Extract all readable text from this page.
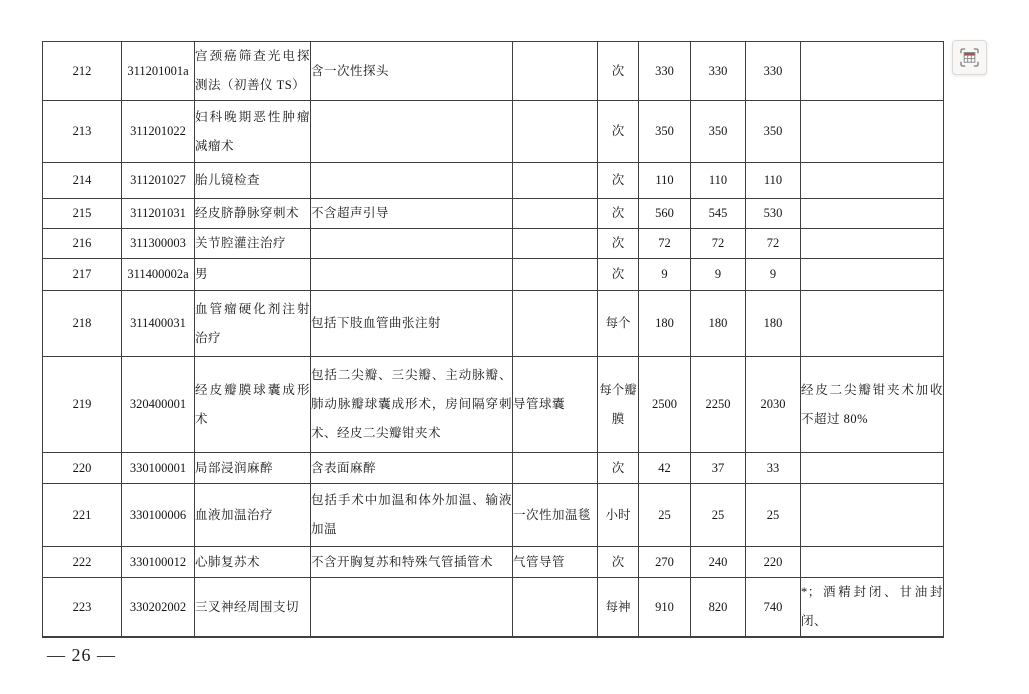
212	311201001a	宫颈癌筛查光电探测法（初善仪 TS）	含一次性探头		次	330	330	330	
213	311201022	妇科晚期恶性肿瘤减瘤术			次	350	350	350	
214	311201027	胎儿镜检查			次	110	110	110	
215	311201031	经皮脐静脉穿刺术	不含超声引导		次	560	545	530	
216	311300003	关节腔灌注治疗			次	72	72	72	
217	311400002a	男			次	9	9	9	
218	311400031	血管瘤硬化剂注射治疗	包括下肢血管曲张注射		每个	180	180	180	
219	320400001	经皮瓣膜球囊成形术	包括二尖瓣、三尖瓣、主动脉瓣、肺动脉瓣球囊成形术，房间隔穿刺术、经皮二尖瓣钳夹术	导管球囊	每个瓣膜	2500	2250	2030	经皮二尖瓣钳夹术加收不超过 80%
220	330100001	局部浸润麻醉	含表面麻醉		次	42	37	33	
221	330100006	血液加温治疗	包括手术中加温和体外加温、输液加温	一次性加温毯	小时	25	25	25	
222	330100012	心肺复苏术	不含开胸复苏和特殊气管插管术	气管导管	次	270	240	220	
223	330202002	三叉神经周围支切			每神	910	820	740	*；酒精封闭、甘油封闭、
— 26 —
